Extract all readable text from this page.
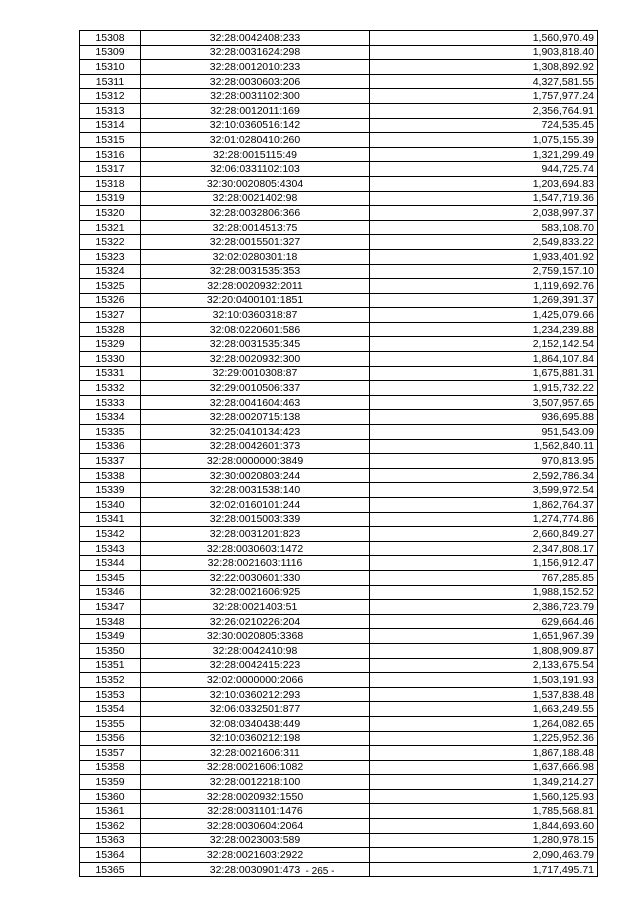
15308	32:28:0042408:233	1,560,970.49
15309	32:28:0031624:298	1,903,818.40
15310	32:28:0012010:233	1,308,892.92
15311	32:28:0030603:206	4,327,581.55
15312	32:28:0031102:300	1,757,977.24
15313	32:28:0012011:169	2,356,764.91
15314	32:10:0360516:142	724,535.45
15315	32:01:0280410:260	1,075,155.39
15316	32:28:0015115:49	1,321,299.49
15317	32:06:0331102:103	944,725.74
15318	32:30:0020805:4304	1,203,694.83
15319	32:28:0021402:98	1,547,719.36
15320	32:28:0032806:366	2,038,997.37
15321	32:28:0014513:75	583,108.70
15322	32:28:0015501:327	2,549,833.22
15323	32:02:0280301:18	1,933,401.92
15324	32:28:0031535:353	2,759,157.10
15325	32:28:0020932:2011	1,119,692.76
15326	32:20:0400101:1851	1,269,391.37
15327	32:10:0360318:87	1,425,079.66
15328	32:08:0220601:586	1,234,239.88
15329	32:28:0031535:345	2,152,142.54
15330	32:28:0020932:300	1,864,107.84
15331	32:29:0010308:87	1,675,881.31
15332	32:29:0010506:337	1,915,732.22
15333	32:28:0041604:463	3,507,957.65
15334	32:28:0020715:138	936,695.88
15335	32:25:0410134:423	951,543.09
15336	32:28:0042601:373	1,562,840.11
15337	32:28:0000000:3849	970,813.95
15338	32:30:0020803:244	2,592,786.34
15339	32:28:0031538:140	3,599,972.54
15340	32:02:0160101:244	1,862,764.37
15341	32:28:0015003:339	1,274,774.86
15342	32:28:0031201:823	2,660,849.27
15343	32:28:0030603:1472	2,347,808.17
15344	32:28:0021603:1116	1,156,912.47
15345	32:22:0030601:330	767,285.85
15346	32:28:0021606:925	1,988,152.52
15347	32:28:0021403:51	2,386,723.79
15348	32:26:0210226:204	629,664.46
15349	32:30:0020805:3368	1,651,967.39
15350	32:28:0042410:98	1,808,909.87
15351	32:28:0042415:223	2,133,675.54
15352	32:02:0000000:2066	1,503,191.93
15353	32:10:0360212:293	1,537,838.48
15354	32:06:0332501:877	1,663,249.55
15355	32:08:0340438:449	1,264,082.65
15356	32:10:0360212:198	1,225,952.36
15357	32:28:0021606:311	1,867,188.48
15358	32:28:0021606:1082	1,637,666.98
15359	32:28:0012218:100	1,349,214.27
15360	32:28:0020932:1550	1,560,125.93
15361	32:28:0031101:1476	1,785,568.81
15362	32:28:0030604:2064	1,844,693.60
15363	32:28:0023003:589	1,280,978.15
15364	32:28:0021603:2922	2,090,463.79
15365	32:28:0030901:473	1,717,495.71
- 265 -
